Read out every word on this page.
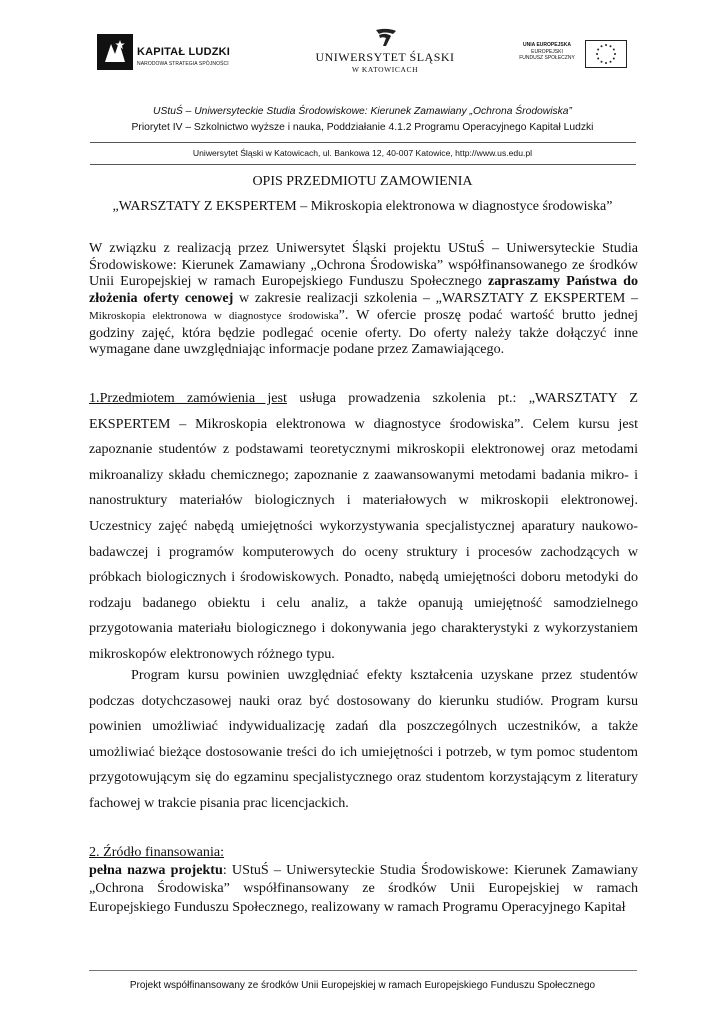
KAPITAŁ LUDZKI
NARODOWA STRATEGIA SPÓJNOŚCI	UNIWERSYTET ŚLĄSKI
W KATOWICACH
UNIA EUROPEJSKA
EUROPEJSKI
FUNDUSZ SPOŁECZNY
UStuŚ – Uniwersyteckie Studia Środowiskowe: Kierunek Zamawiany „Ochrona Środowiska”
Priorytet IV – Szkolnictwo wyższe i nauka, Poddziałanie 4.1.2 Programu Operacyjnego Kapitał Ludzki
Uniwersytet Śląski w Katowicach, ul. Bankowa 12, 40-007 Katowice, http://www.us.edu.pl
OPIS PRZEDMIOTU ZAMOWIENIA
„WARSZTATY Z EKSPERTEM – Mikroskopia elektronowa w diagnostyce środowiska”

W związku z realizacją przez Uniwersytet Śląski projektu UStuŚ – Uniwersyteckie Studia Środowiskowe: Kierunek Zamawiany „Ochrona Środowiska” współfinansowanego ze środków Unii Europejskiej w ramach Europejskiego Funduszu Społecznego zapraszamy Państwa do złożenia oferty cenowej w zakresie realizacji szkolenia – „WARSZTATY Z EKSPERTEM – Mikroskopia elektronowa w diagnostyce środowiska”. W ofercie proszę podać wartość brutto jednej godziny zajęć, która będzie podlegać ocenie oferty. Do oferty należy także dołączyć inne wymagane dane uwzględniając informacje podane przez Zamawiającego.

1.Przedmiotem zamówienia jest usługa prowadzenia szkolenia pt.: „WARSZTATY Z EKSPERTEM – Mikroskopia elektronowa w diagnostyce środowiska”. Celem kursu jest zapoznanie studentów z podstawami teoretycznymi mikroskopii elektronowej oraz metodami mikroanalizy składu chemicznego; zapoznanie z zaawansowanymi metodami badania mikro- i nanostruktury materiałów biologicznych i materiałowych w mikroskopii elektronowej. Uczestnicy zajęć nabędą umiejętności wykorzystywania specjalistycznej aparatury naukowo-badawczej i programów komputerowych do oceny struktury i procesów zachodzących w próbkach biologicznych i środowiskowych. Ponadto, nabędą umiejętności doboru metodyki do rodzaju badanego obiektu i celu analiz, a także opanują umiejętność samodzielnego przygotowania materiału biologicznego i dokonywania jego charakterystyki z wykorzystaniem mikroskopów elektronowych różnego typu.

Program kursu powinien uwzględniać efekty kształcenia uzyskane przez studentów podczas dotychczasowej nauki oraz być dostosowany do kierunku studiów. Program kursu powinien umożliwiać indywidualizację zadań dla poszczególnych uczestników, a także umożliwiać bieżące dostosowanie treści do ich umiejętności i potrzeb, w tym pomoc studentom przygotowującym się do egzaminu specjalistycznego oraz studentom korzystającym z literatury fachowej w trakcie pisania prac licencjackich.

2. Źródło finansowania:
pełna nazwa projektu: UStuŚ – Uniwersyteckie Studia Środowiskowe: Kierunek Zamawiany „Ochrona Środowiska” współfinansowany ze środków Unii Europejskiej w ramach Europejskiego Funduszu Społecznego, realizowany w ramach Programu Operacyjnego Kapitał

Projekt współfinansowany ze środków Unii Europejskiej w ramach Europejskiego Funduszu Społecznego
